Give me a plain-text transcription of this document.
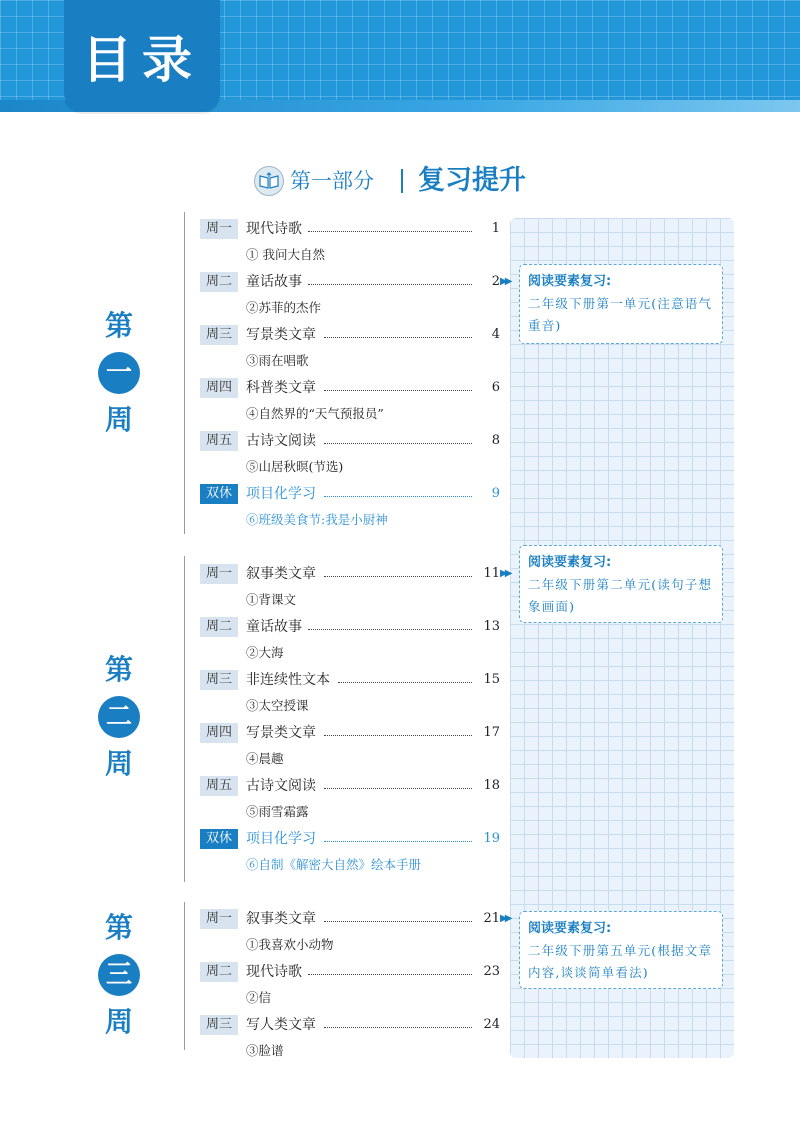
目录
第一部分 复习提升
第
一
周
周一	现代诗歌	1
① 我问大自然
周二	童话故事	2 ▶▶
②苏菲的杰作
周三	写景类文章	4
③雨在唱歌
周四	科普类文章	6
④自然界的“天气预报员”
周五	古诗文阅读	8
⑤山居秋暝(节选)
双休	项目化学习	9
⑥班级美食节:我是小厨神
阅读要素复习:
二年级下册第一单元(注意语气重音)
第
二
周
周一	叙事类文章	11 ▶▶
①背课文
周二	童话故事	13
②大海
周三	非连续性文本	15
③太空授课
周四	写景类文章	17
④晨趣
周五	古诗文阅读	18
⑤雨雪霜露
双休	项目化学习	19
⑥自制《解密大自然》绘本手册
阅读要素复习:
二年级下册第二单元(读句子想象画面)
第
三
周
周一	叙事类文章	21 ▶▶
①我喜欢小动物
周二	现代诗歌	23
②信
周三	写人类文章	24
③脸谱
阅读要素复习:
二年级下册第五单元(根据文章内容,谈谈简单看法)
